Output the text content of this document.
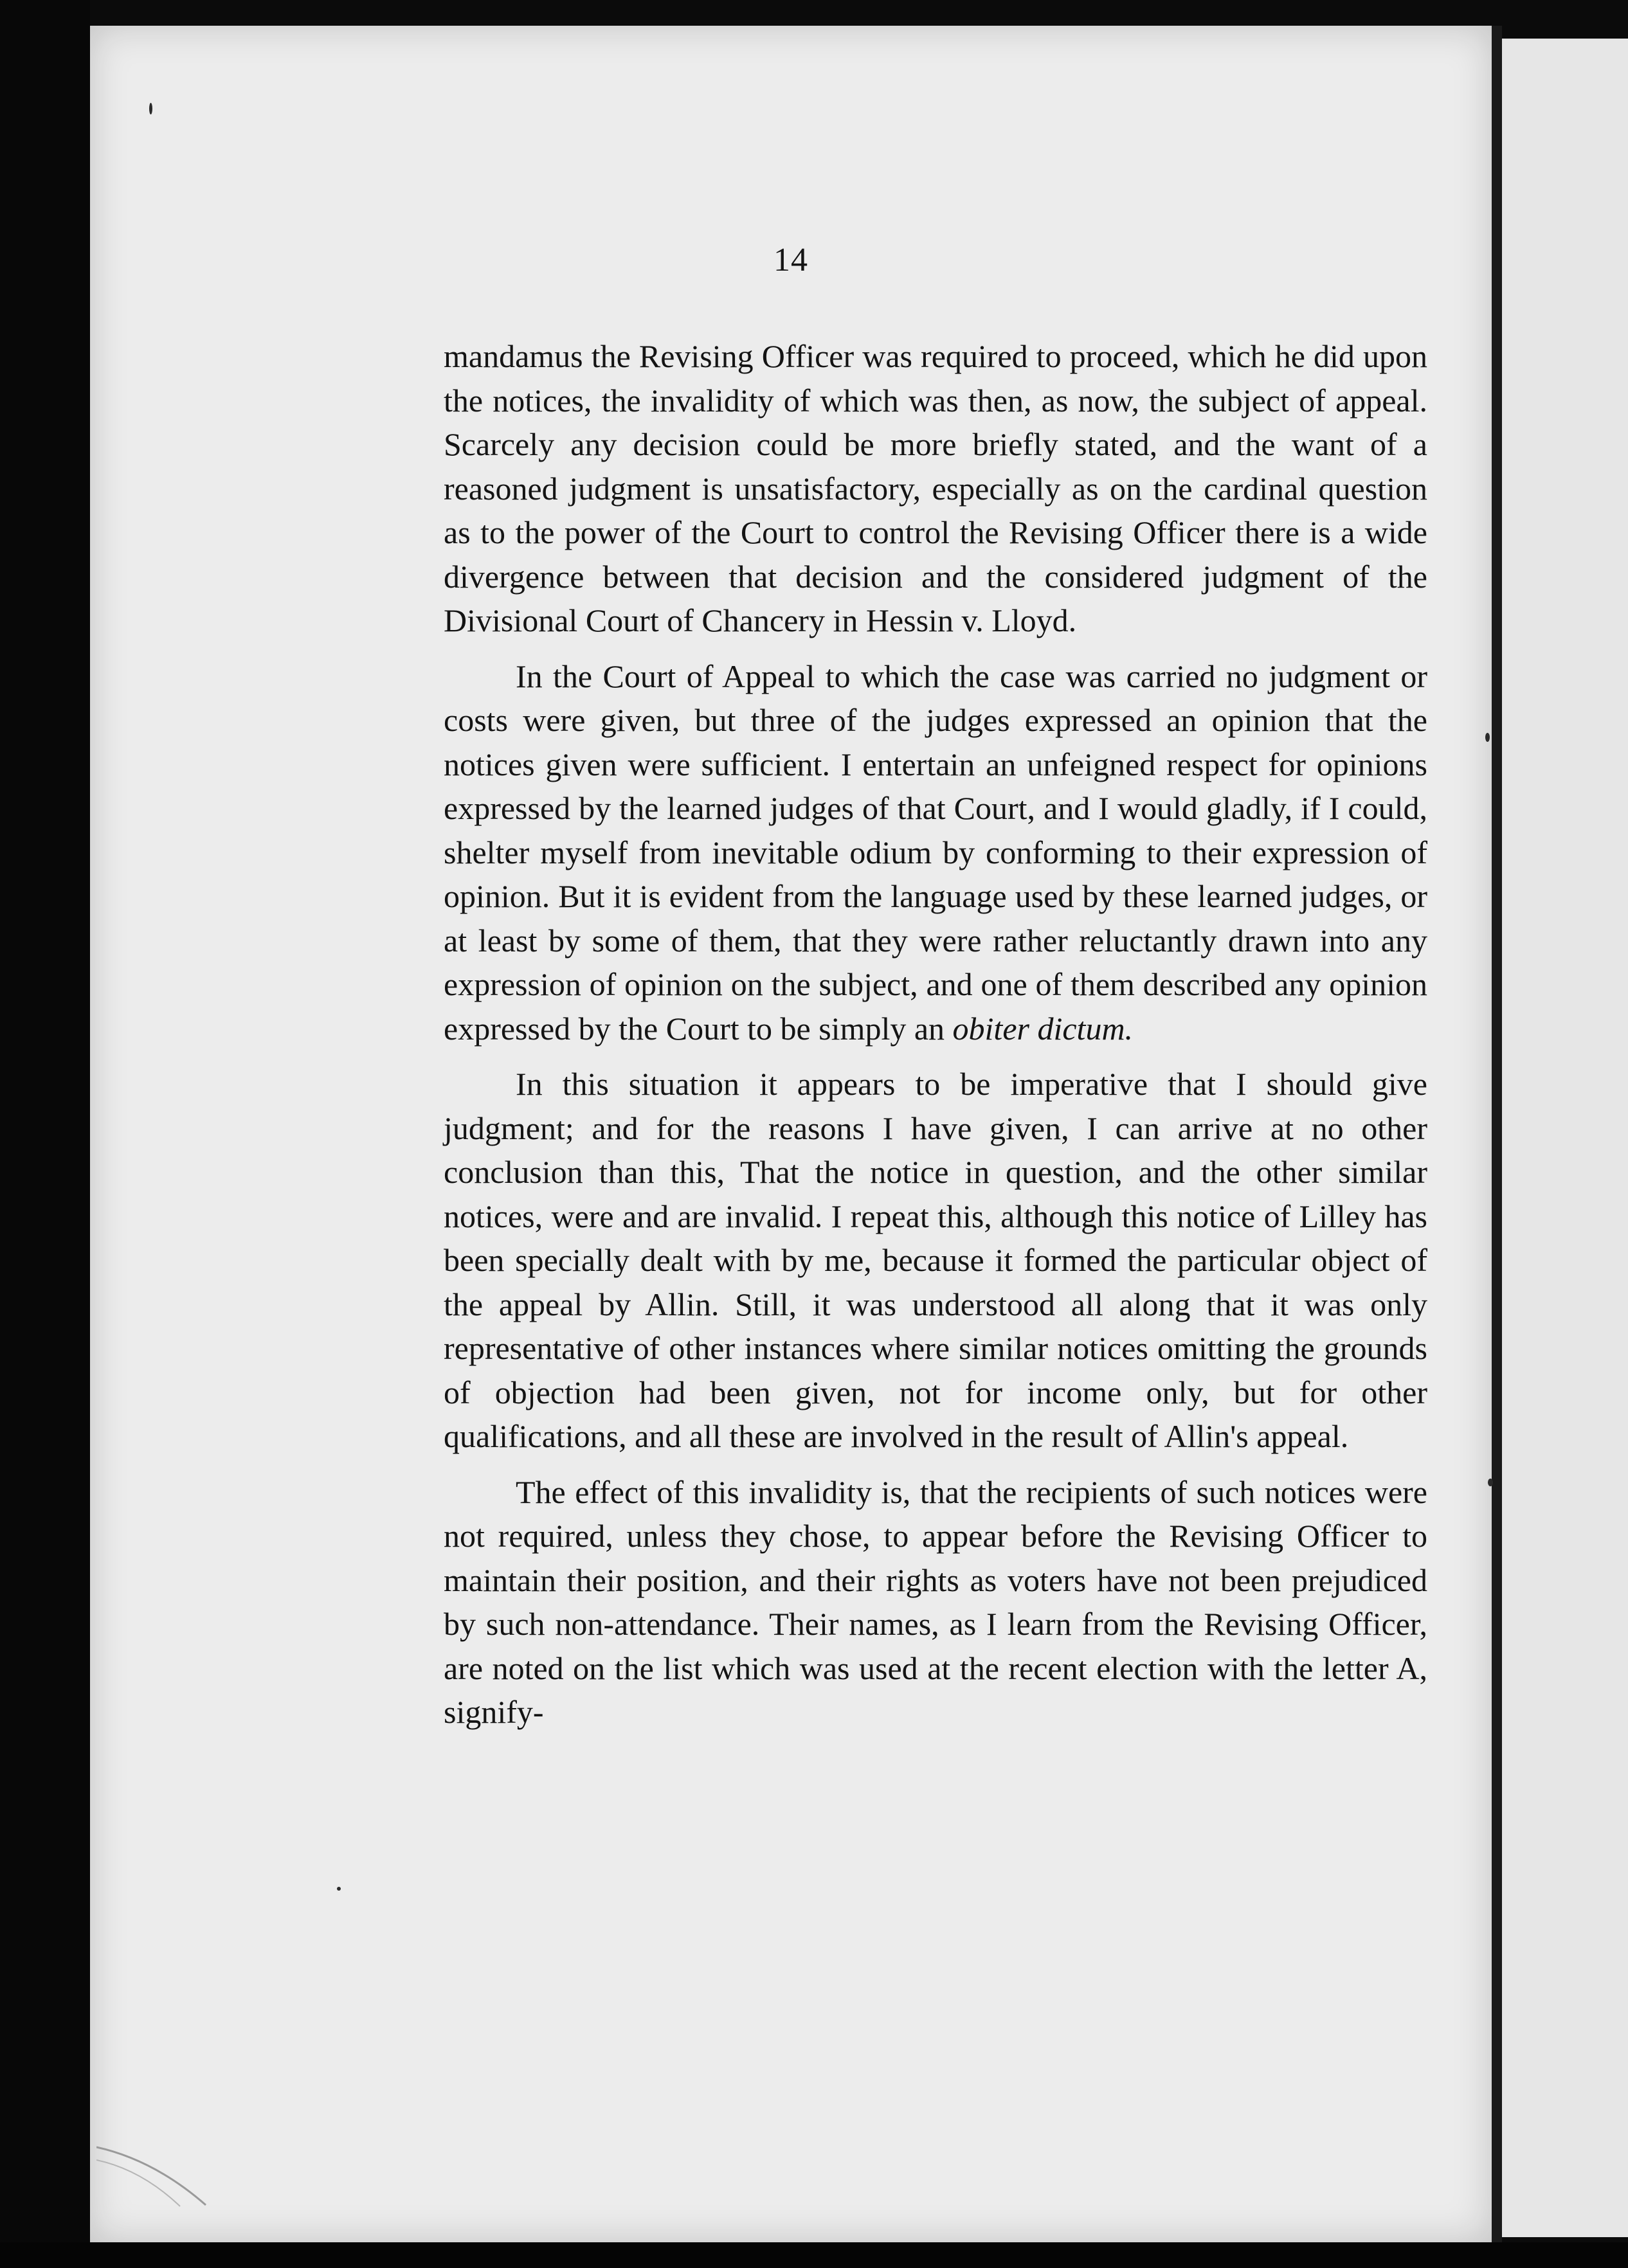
14

mandamus the Revising Officer was required to proceed, which he did upon the notices, the invalidity of which was then, as now, the subject of appeal. Scarcely any decision could be more briefly stated, and the want of a reasoned judgment is unsatisfactory, especially as on the cardinal question as to the power of the Court to control the Revising Officer there is a wide divergence between that decision and the considered judgment of the Divisional Court of Chancery in Hessin v. Lloyd.

In the Court of Appeal to which the case was carried no judgment or costs were given, but three of the judges expressed an opinion that the notices given were sufficient. I entertain an unfeigned respect for opinions expressed by the learned judges of that Court, and I would gladly, if I could, shelter myself from inevitable odium by conforming to their expression of opinion. But it is evident from the language used by these learned judges, or at least by some of them, that they were rather reluctantly drawn into any expression of opinion on the subject, and one of them described any opinion expressed by the Court to be simply an obiter dictum.

In this situation it appears to be imperative that I should give judgment; and for the reasons I have given, I can arrive at no other conclusion than this, That the notice in question, and the other similar notices, were and are invalid. I repeat this, although this notice of Lilley has been specially dealt with by me, because it formed the particular object of the appeal by Allin. Still, it was understood all along that it was only representative of other instances where similar notices omitting the grounds of objection had been given, not for income only, but for other qualifications, and all these are involved in the result of Allin's appeal.

The effect of this invalidity is, that the recipients of such notices were not required, unless they chose, to appear before the Revising Officer to maintain their position, and their rights as voters have not been prejudiced by such non-attendance. Their names, as I learn from the Revising Officer, are noted on the list which was used at the recent election with the letter A, signify-
